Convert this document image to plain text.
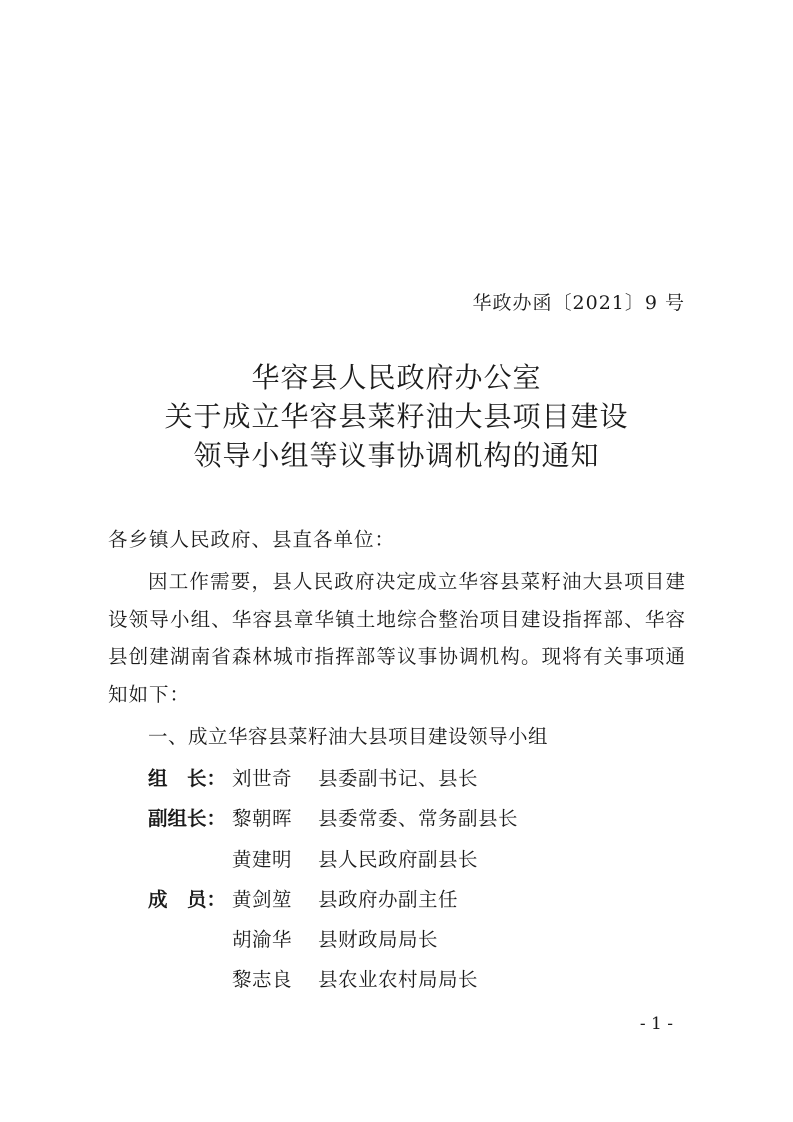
华政办函〔2021〕9 号
华容县人民政府办公室
关于成立华容县菜籽油大县项目建设
领导小组等议事协调机构的通知
各乡镇人民政府、县直各单位：
因工作需要，县人民政府决定成立华容县菜籽油大县项目建设领导小组、华容县章华镇土地综合整治项目建设指挥部、华容县创建湖南省森林城市指挥部等议事协调机构。现将有关事项通知如下：
一、成立华容县菜籽油大县项目建设领导小组
组　长： 刘世奇 县委副书记、县长
副组长： 黎朝晖 县委常委、常务副县长
黄建明 县人民政府副县长
成　员： 黄剑堃 县政府办副主任
胡渝华 县财政局局长
黎志良 县农业农村局局长
- 1 -
